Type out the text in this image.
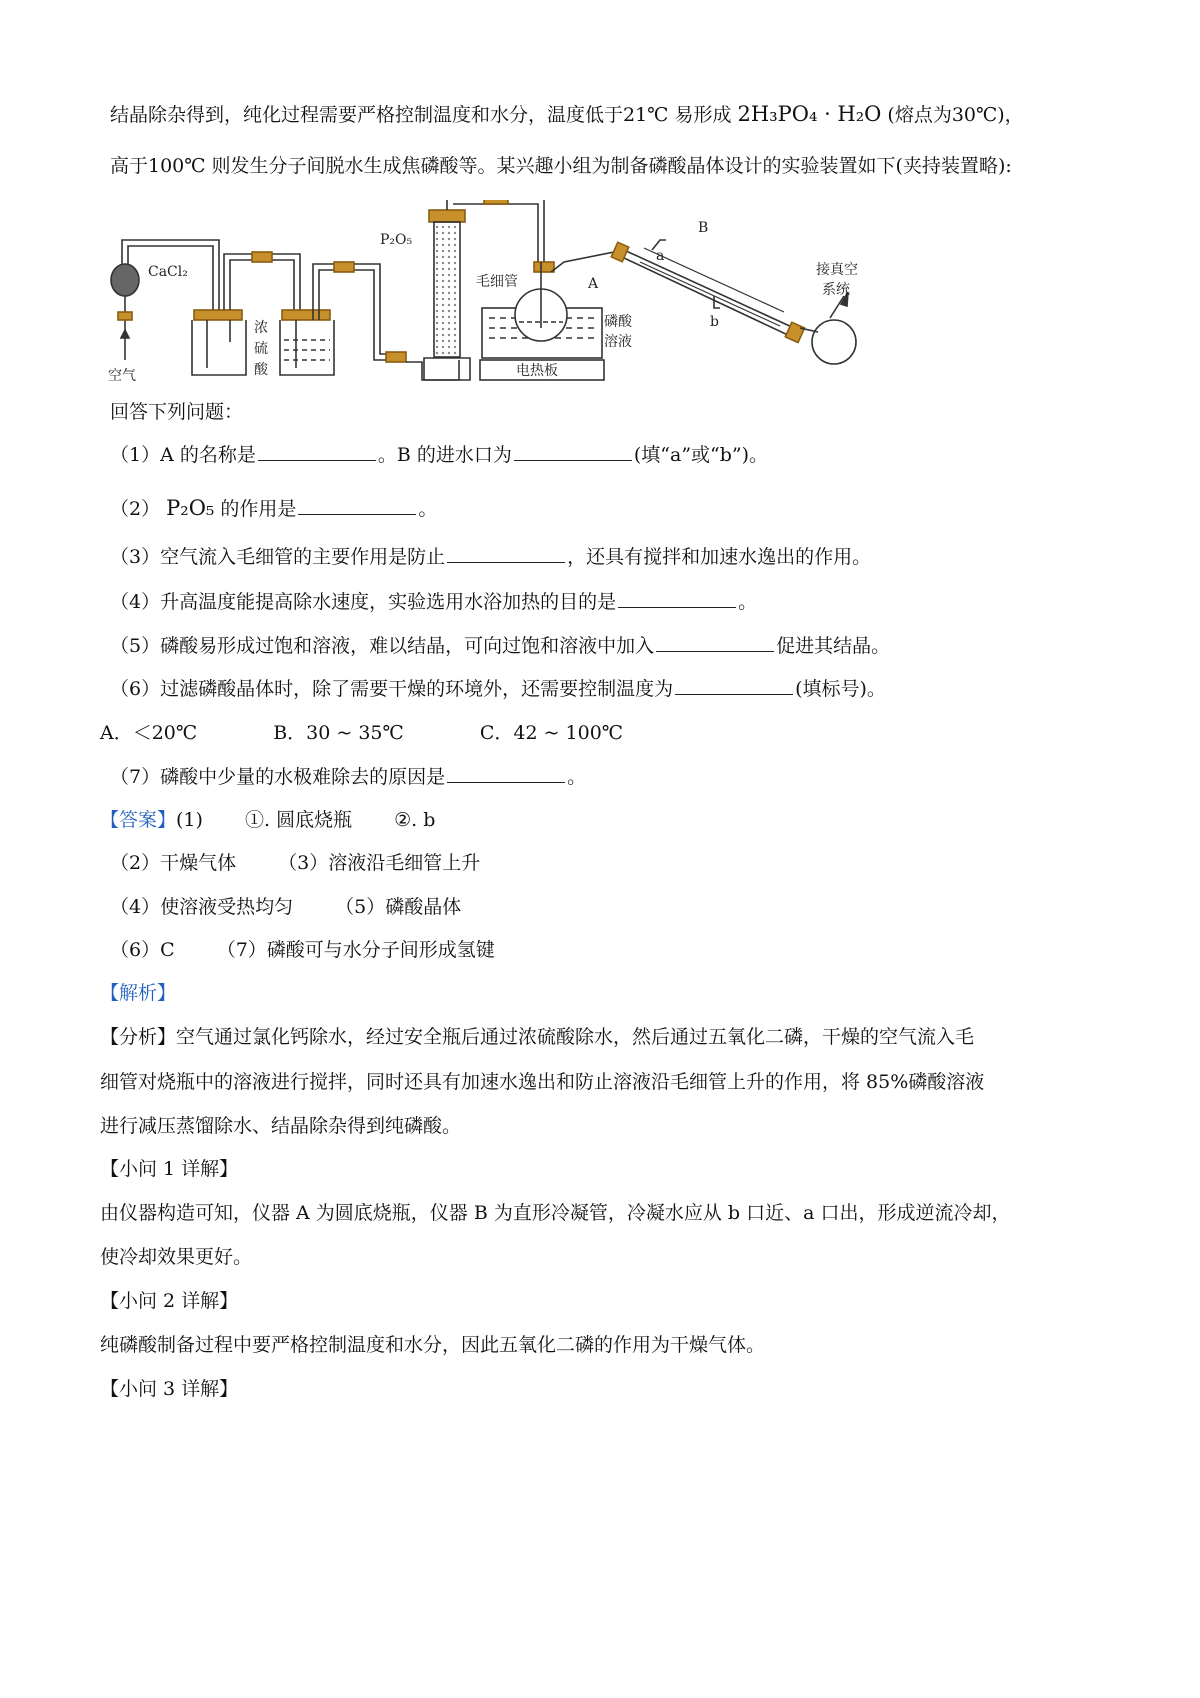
结晶除杂得到，纯化过程需要严格控制温度和水分，温度低于21℃ 易形成 2H₃PO₄ · H₂O (熔点为30℃)，
高于100℃ 则发生分子间脱水生成焦磷酸等。某兴趣小组为制备磷酸晶体设计的实验装置如下(夹持装置略):
CaCl₂
空气
浓
硫
酸
P₂O₅
毛细管	A
磷酸
溶液
电热板
a
B
b
接真空
系统
回答下列问题：
（1）A 的名称是	。B 的进水口为	(填“a”或“b”)。
（2） P₂O₅ 的作用是	。
（3）空气流入毛细管的主要作用是防止	，还具有搅拌和加速水逸出的作用。
（4）升高温度能提高除水速度，实验选用水浴加热的目的是	。
（5）磷酸易形成过饱和溶液，难以结晶，可向过饱和溶液中加入	促进其结晶。
（6）过滤磷酸晶体时，除了需要干燥的环境外，还需要控制温度为	(填标号)。
A．＜20℃	B．30 ~ 35℃	C．42 ~ 100℃
（7）磷酸中少量的水极难除去的原因是	。
【答案】(1) ①. 圆底烧瓶 ②. b
（2）干燥气体 （3）溶液沿毛细管上升
（4）使溶液受热均匀 （5）磷酸晶体
（6）C （7）磷酸可与水分子间形成氢键
【解析】
【分析】空气通过氯化钙除水，经过安全瓶后通过浓硫酸除水，然后通过五氧化二磷，干燥的空气流入毛
细管对烧瓶中的溶液进行搅拌，同时还具有加速水逸出和防止溶液沿毛细管上升的作用，将 85%磷酸溶液
进行减压蒸馏除水、结晶除杂得到纯磷酸。
【小问 1 详解】
由仪器构造可知，仪器 A 为圆底烧瓶，仪器 B 为直形冷凝管，冷凝水应从 b 口近、a 口出，形成逆流冷却，
使冷却效果更好。
【小问 2 详解】
纯磷酸制备过程中要严格控制温度和水分，因此五氧化二磷的作用为干燥气体。
【小问 3 详解】
